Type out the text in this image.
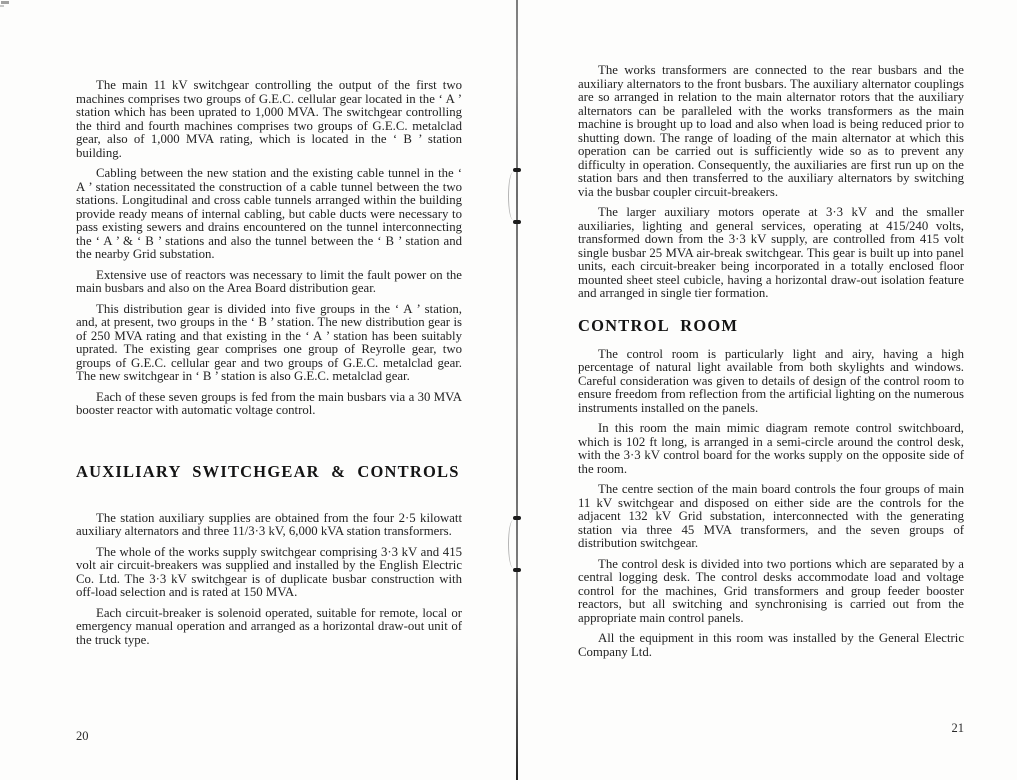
The main 11 kV switchgear controlling the output of the first two machines comprises two groups of G.E.C. cellular gear located in the ‘ A ’ station which has been uprated to 1,000 MVA. The switchgear controlling the third and fourth machines comprises two groups of G.E.C. metalclad gear, also of 1,000 MVA rating, which is located in the ‘ B ’ station building.

Cabling between the new station and the existing cable tunnel in the ‘ A ’ station necessitated the construction of a cable tunnel between the two stations. Longitudinal and cross cable tunnels arranged within the building provide ready means of internal cabling, but cable ducts were necessary to pass existing sewers and drains encountered on the tunnel interconnecting the ‘ A ’ & ‘ B ’ stations and also the tunnel between the ‘ B ’ station and the nearby Grid substation.

Extensive use of reactors was necessary to limit the fault power on the main busbars and also on the Area Board distribution gear.

This distribution gear is divided into five groups in the ‘ A ’ station, and, at present, two groups in the ‘ B ’ station. The new distribution gear is of 250 MVA rating and that existing in the ‘ A ’ station has been suitably uprated. The existing gear comprises one group of Reyrolle gear, two groups of G.E.C. cellular gear and two groups of G.E.C. metalclad gear. The new switchgear in ‘ B ’ station is also G.E.C. metalclad gear.

Each of these seven groups is fed from the main busbars via a 30 MVA booster reactor with automatic voltage control.

AUXILIARY SWITCHGEAR & CONTROLS

The station auxiliary supplies are obtained from the four 2·5 kilowatt auxiliary alternators and three 11/3·3 kV, 6,000 kVA station transformers.

The whole of the works supply switchgear comprising 3·3 kV and 415 volt air circuit-breakers was supplied and installed by the English Electric Co. Ltd. The 3·3 kV switchgear is of duplicate busbar construction with off-load selection and is rated at 150 MVA.

Each circuit-breaker is solenoid operated, suitable for remote, local or emergency manual operation and arranged as a horizontal draw-out unit of the truck type.

20

The works transformers are connected to the rear busbars and the auxiliary alternators to the front busbars. The auxiliary alternator couplings are so arranged in relation to the main alternator rotors that the auxiliary alternators can be paralleled with the works transformers as the main machine is brought up to load and also when load is being reduced prior to shutting down. The range of loading of the main alternator at which this operation can be carried out is sufficiently wide so as to prevent any difficulty in operation. Consequently, the auxiliaries are first run up on the station bars and then transferred to the auxiliary alternators by switching via the busbar coupler circuit-breakers.

The larger auxiliary motors operate at 3·3 kV and the smaller auxiliaries, lighting and general services, operating at 415/240 volts, transformed down from the 3·3 kV supply, are controlled from 415 volt single busbar 25 MVA air-break switchgear. This gear is built up into panel units, each circuit-breaker being incorporated in a totally enclosed floor mounted sheet steel cubicle, having a horizontal draw-out isolation feature and arranged in single tier formation.

CONTROL ROOM

The control room is particularly light and airy, having a high percentage of natural light available from both skylights and windows. Careful consideration was given to details of design of the control room to ensure freedom from reflection from the artificial lighting on the numerous instruments installed on the panels.

In this room the main mimic diagram remote control switchboard, which is 102 ft long, is arranged in a semi-circle around the control desk, with the 3·3 kV control board for the works supply on the opposite side of the room.

The centre section of the main board controls the four groups of main 11 kV switchgear and disposed on either side are the controls for the adjacent 132 kV Grid substation, interconnected with the generating station via three 45 MVA transformers, and the seven groups of distribution switchgear.

The control desk is divided into two portions which are separated by a central logging desk. The control desks accommodate load and voltage control for the machines, Grid transformers and group feeder booster reactors, but all switching and synchronising is carried out from the appropriate main control panels.

All the equipment in this room was installed by the General Electric Company Ltd.

21
